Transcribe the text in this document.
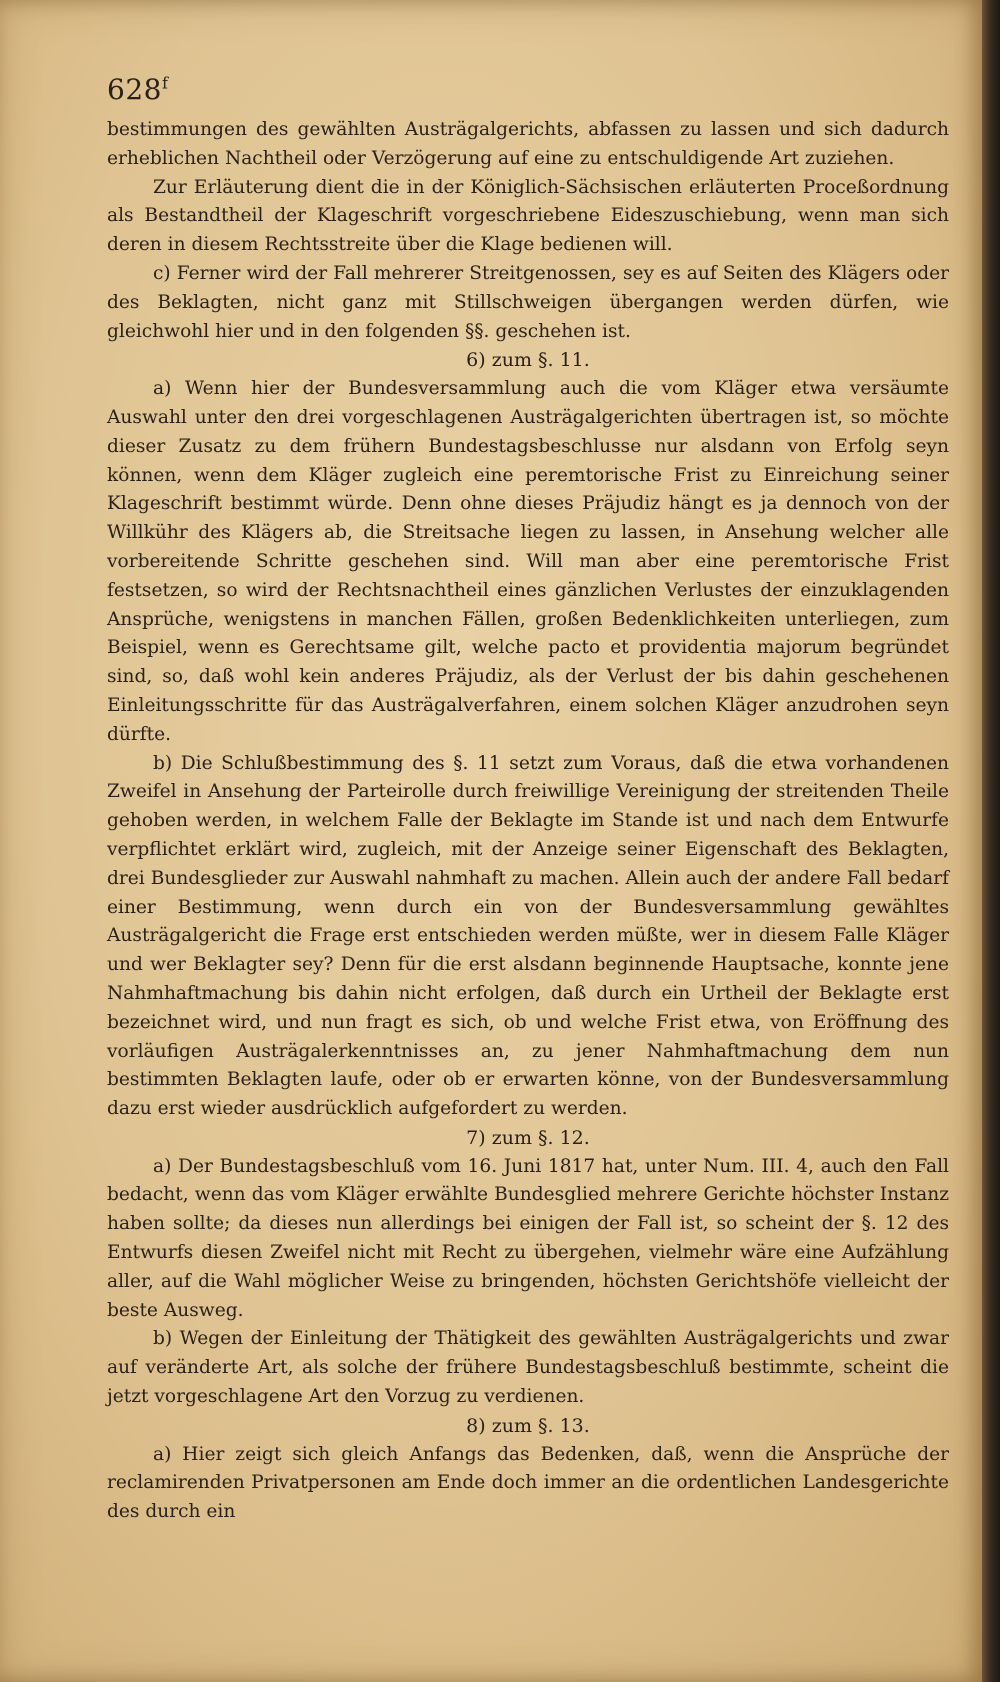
628$^f$

bestimmungen des gewählten Austrägalgerichts, abfassen zu lassen und sich dadurch erheblichen Nachtheil oder Verzögerung auf eine zu entschuldigende Art zuziehen.

Zur Erläuterung dient die in der Königlich-Sächsischen erläuterten Proceßordnung als Bestandtheil der Klageschrift vorgeschriebene Eideszuschiebung, wenn man sich deren in diesem Rechtsstreite über die Klage bedienen will.

c) Ferner wird der Fall mehrerer Streitgenossen, sey es auf Seiten des Klägers oder des Beklagten, nicht ganz mit Stillschweigen übergangen werden dürfen, wie gleichwohl hier und in den folgenden §§. geschehen ist.

6) zum §. 11.

a) Wenn hier der Bundesversammlung auch die vom Kläger etwa versäumte Auswahl unter den drei vorgeschlagenen Austrägalgerichten übertragen ist, so möchte dieser Zusatz zu dem frühern Bundestagsbeschlusse nur alsdann von Erfolg seyn können, wenn dem Kläger zugleich eine peremtorische Frist zu Einreichung seiner Klageschrift bestimmt würde. Denn ohne dieses Präjudiz hängt es ja dennoch von der Willkühr des Klägers ab, die Streitsache liegen zu lassen, in Ansehung welcher alle vorbereitende Schritte geschehen sind. Will man aber eine peremtorische Frist festsetzen, so wird der Rechtsnachtheil eines gänzlichen Verlustes der einzuklagenden Ansprüche, wenigstens in manchen Fällen, großen Bedenklichkeiten unterliegen, zum Beispiel, wenn es Gerechtsame gilt, welche pacto et providentia majorum begründet sind, so, daß wohl kein anderes Präjudiz, als der Verlust der bis dahin geschehenen Einleitungsschritte für das Austrägalverfahren, einem solchen Kläger anzudrohen seyn dürfte.

b) Die Schlußbestimmung des §. 11 setzt zum Voraus, daß die etwa vorhandenen Zweifel in Ansehung der Parteirolle durch freiwillige Vereinigung der streitenden Theile gehoben werden, in welchem Falle der Beklagte im Stande ist und nach dem Entwurfe verpflichtet erklärt wird, zugleich, mit der Anzeige seiner Eigenschaft des Beklagten, drei Bundesglieder zur Auswahl nahmhaft zu machen. Allein auch der andere Fall bedarf einer Bestimmung, wenn durch ein von der Bundesversammlung gewähltes Austrägalgericht die Frage erst entschieden werden müßte, wer in diesem Falle Kläger und wer Beklagter sey? Denn für die erst alsdann beginnende Hauptsache, konnte jene Nahmhaftmachung bis dahin nicht erfolgen, daß durch ein Urtheil der Beklagte erst bezeichnet wird, und nun fragt es sich, ob und welche Frist etwa, von Eröffnung des vorläufigen Austrägalerkenntnisses an, zu jener Nahmhaftmachung dem nun bestimmten Beklagten laufe, oder ob er erwarten könne, von der Bundesversammlung dazu erst wieder ausdrücklich aufgefordert zu werden.

7) zum §. 12.

a) Der Bundestagsbeschluß vom 16. Juni 1817 hat, unter Num. III. 4, auch den Fall bedacht, wenn das vom Kläger erwählte Bundesglied mehrere Gerichte höchster Instanz haben sollte; da dieses nun allerdings bei einigen der Fall ist, so scheint der §. 12 des Entwurfs diesen Zweifel nicht mit Recht zu übergehen, vielmehr wäre eine Aufzählung aller, auf die Wahl möglicher Weise zu bringenden, höchsten Gerichtshöfe vielleicht der beste Ausweg.

b) Wegen der Einleitung der Thätigkeit des gewählten Austrägalgerichts und zwar auf veränderte Art, als solche der frühere Bundestagsbeschluß bestimmte, scheint die jetzt vorgeschlagene Art den Vorzug zu verdienen.

8) zum §. 13.

a) Hier zeigt sich gleich Anfangs das Bedenken, daß, wenn die Ansprüche der reclamirenden Privatpersonen am Ende doch immer an die ordentlichen Landesgerichte des durch ein
